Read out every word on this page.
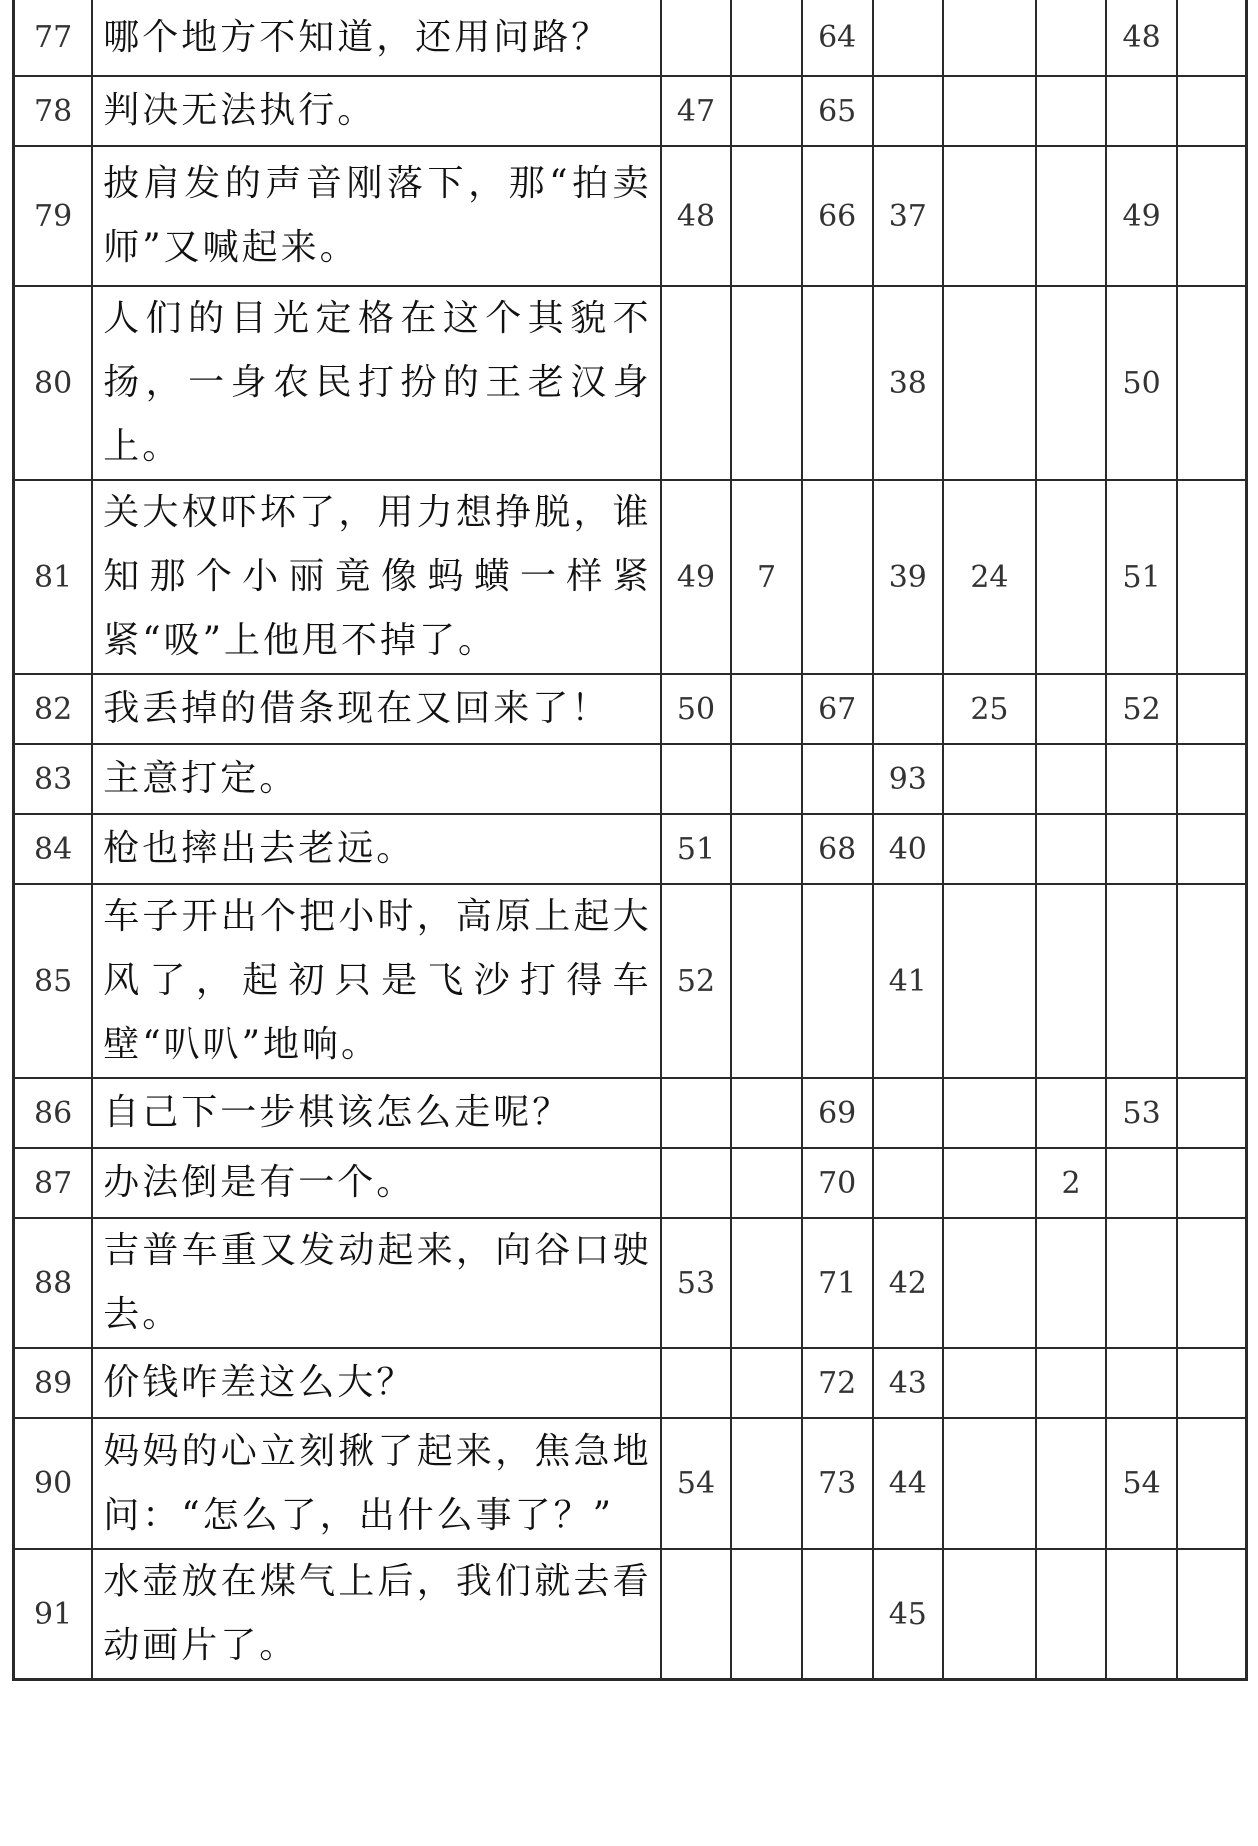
77	哪个地方不知道，还用问路？			64				48	
78	判决无法执行。	47		65					
79	披肩发的声音刚落下，那“拍卖师”又喊起来。	48		66	37			49	
80	人们的目光定格在这个其貌不扬，一身农民打扮的王老汉身上。				38			50	
81	关大权吓坏了，用力想挣脱，谁知那个小丽竟像蚂蟥一样紧紧“吸”上他甩不掉了。	49	7		39	24		51	
82	我丢掉的借条现在又回来了！	50		67		25		52	
83	主意打定。				93				
84	枪也摔出去老远。	51		68	40				
85	车子开出个把小时，高原上起大风了，起初只是飞沙打得车壁“叭叭”地响。	52			41				
86	自己下一步棋该怎么走呢？			69				53	
87	办法倒是有一个。			70			2		
88	吉普车重又发动起来，向谷口驶去。	53		71	42				
89	价钱咋差这么大？			72	43				
90	妈妈的心立刻揪了起来，焦急地问：“怎么了，出什么事了？”	54		73	44			54	
91	水壶放在煤气上后，我们就去看动画片了。				45				
